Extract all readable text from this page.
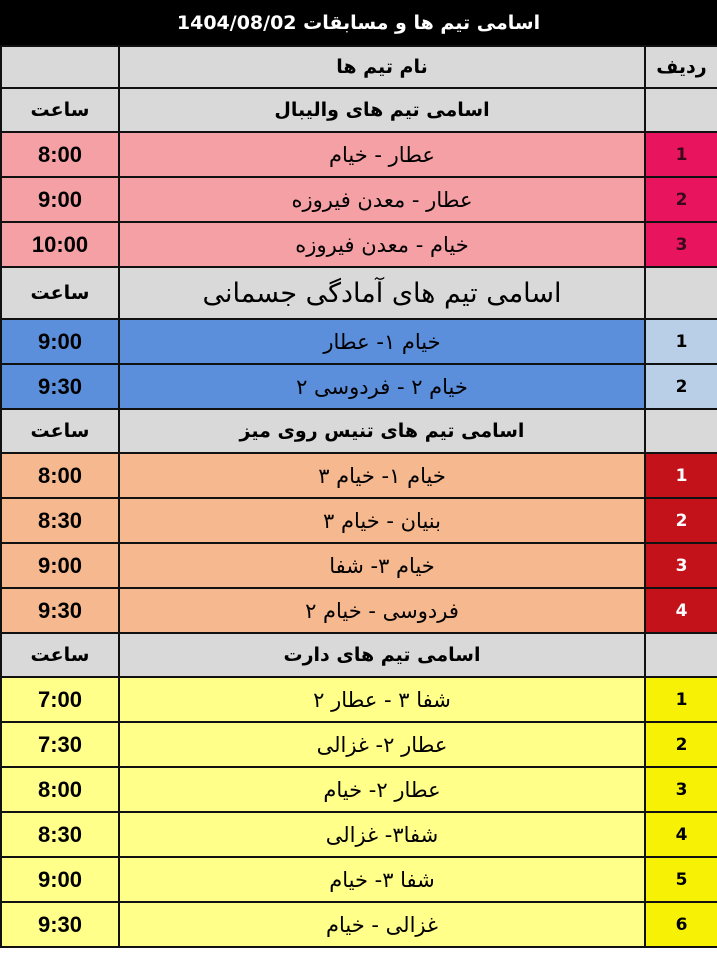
اسامی تیم ها و مسابقات 1404/08/02
	نام تیم ها	ردیف
ساعت	اسامی تیم های والیبال	
8:00	عطار - خیام	1
9:00	عطار - معدن فیروزه	2
10:00	خیام - معدن فیروزه	3
ساعت	اسامی تیم های آمادگی جسمانی	
9:00	خیام ۱- عطار	1
9:30	خیام ۲ - فردوسی ۲	2
ساعت	اسامی تیم های تنیس روی میز	
8:00	خیام ۱- خیام ۳	1
8:30	بنیان - خیام ۳	2
9:00	خیام ۳- شفا	3
9:30	فردوسی - خیام ۲	4
ساعت	اسامی تیم های دارت	
7:00	شفا ۳ - عطار ۲	1
7:30	عطار ۲- غزالی	2
8:00	عطار ۲- خیام	3
8:30	شفا۳- غزالی	4
9:00	شفا ۳- خیام	5
9:30	غزالی - خیام	6
